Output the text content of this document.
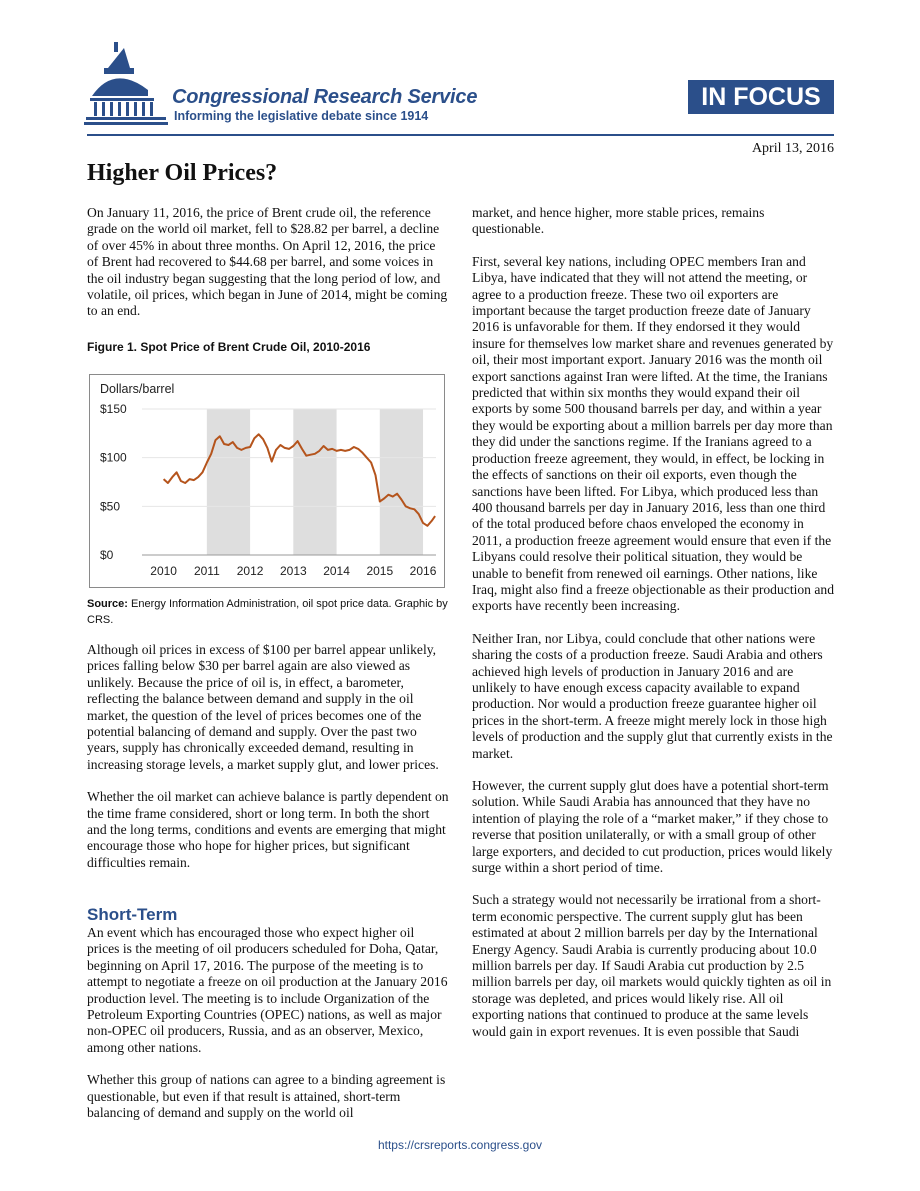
Congressional Research Service
Informing the legislative debate since 1914
IN FOCUS
April 13, 2016
Higher Oil Prices?

On January 11, 2016, the price of Brent crude oil, the reference grade on the world oil market, fell to $28.82 per barrel, a decline of over 45% in about three months. On April 12, 2016, the price of Brent had recovered to $44.68 per barrel, and some voices in the oil industry began suggesting that the long period of low, and volatile, oil prices, which began in June of 2014, might be coming to an end.

Figure 1. Spot Price of Brent Crude Oil, 2010-2016

$0
$50
$100
$150
Dollars/barrel
2010 2011 2012 2013 2014 2015 2016
Source: Energy Information Administration, oil spot price data. Graphic by CRS.

Although oil prices in excess of $100 per barrel appear unlikely, prices falling below $30 per barrel again are also viewed as unlikely. Because the price of oil is, in effect, a barometer, reflecting the balance between demand and supply in the oil market, the question of the level of prices becomes one of the potential balancing of demand and supply. Over the past two years, supply has chronically exceeded demand, resulting in increasing storage levels, a market supply glut, and lower prices.

Whether the oil market can achieve balance is partly dependent on the time frame considered, short or long term. In both the short and the long terms, conditions and events are emerging that might encourage those who hope for higher prices, but significant difficulties remain.

Short-Term

An event which has encouraged those who expect higher oil prices is the meeting of oil producers scheduled for Doha, Qatar, beginning on April 17, 2016. The purpose of the meeting is to attempt to negotiate a freeze on oil production at the January 2016 production level. The meeting is to include Organization of the Petroleum Exporting Countries (OPEC) nations, as well as major non-OPEC oil producers, Russia, and as an observer, Mexico, among other nations.

Whether this group of nations can agree to a binding agreement is questionable, but even if that result is attained, short-term balancing of demand and supply on the world oil

market, and hence higher, more stable prices, remains questionable.

First, several key nations, including OPEC members Iran and Libya, have indicated that they will not attend the meeting, or agree to a production freeze. These two oil exporters are important because the target production freeze date of January 2016 is unfavorable for them. If they endorsed it they would insure for themselves low market share and revenues generated by oil, their most important export. January 2016 was the month oil export sanctions against Iran were lifted. At the time, the Iranians predicted that within six months they would expand their oil exports by some 500 thousand barrels per day, and within a year they would be exporting about a million barrels per day more than they did under the sanctions regime. If the Iranians agreed to a production freeze agreement, they would, in effect, be locking in the effects of sanctions on their oil exports, even though the sanctions have been lifted. For Libya, which produced less than 400 thousand barrels per day in January 2016, less than one third of the total produced before chaos enveloped the economy in 2011, a production freeze agreement would ensure that even if the Libyans could resolve their political situation, they would be unable to benefit from renewed oil earnings. Other nations, like Iraq, might also find a freeze objectionable as their production and exports have recently been increasing.

Neither Iran, nor Libya, could conclude that other nations were sharing the costs of a production freeze. Saudi Arabia and others achieved high levels of production in January 2016 and are unlikely to have enough excess capacity available to expand production. Nor would a production freeze guarantee higher oil prices in the short-term. A freeze might merely lock in those high levels of production and the supply glut that currently exists in the market.

However, the current supply glut does have a potential short-term solution. While Saudi Arabia has announced that they have no intention of playing the role of a “market maker,” if they chose to reverse that position unilaterally, or with a small group of other large exporters, and decided to cut production, prices would likely surge within a short period of time.

Such a strategy would not necessarily be irrational from a short-term economic perspective. The current supply glut has been estimated at about 2 million barrels per day by the International Energy Agency. Saudi Arabia is currently producing about 10.0 million barrels per day. If Saudi Arabia cut production by 2.5 million barrels per day, oil markets would quickly tighten as oil in storage was depleted, and prices would likely rise. All oil exporting nations that continued to produce at the same levels would gain in export revenues. It is even possible that Saudi

https://crsreports.congress.gov
